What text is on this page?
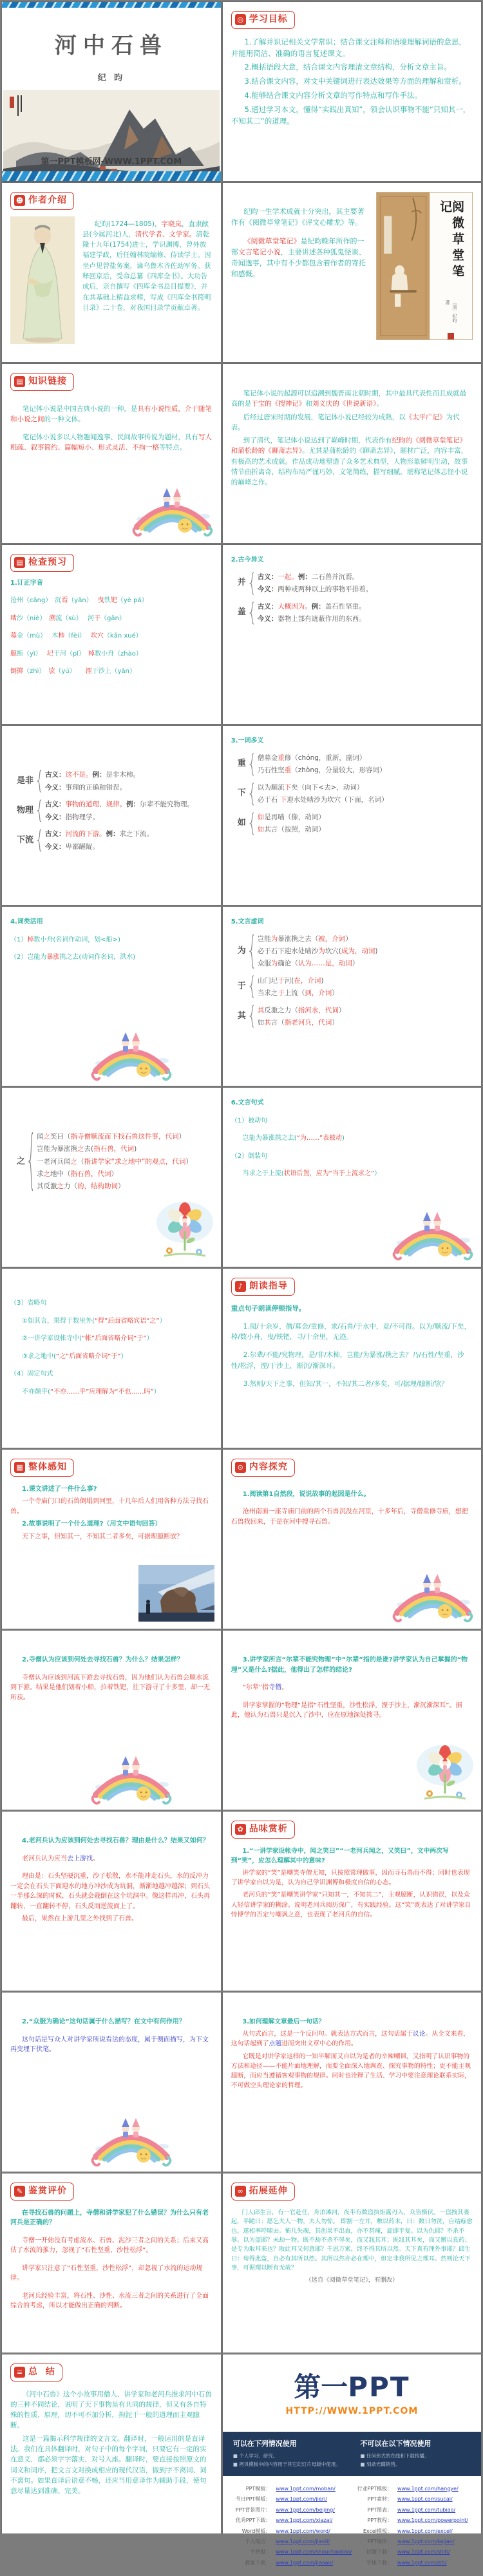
河中石兽
纪 昀
第一PPT模板网-WWW.1PPT.COM
◎ 学习目标
1.了解并识记相关文学常识；结合课文注释和语境理解词语的意思，并能用简洁、准确的语言复述课文。
2.概括语段大意，结合课文内容理清文章结构，分析文章主旨。
3.结合课文内容，对文中关键词进行表达效果等方面的理解和赏析。
4.能够结合课文内容分析文章的写作特点和写作手法。
5.通过学习本文，懂得“实践出真知”，领会认识事物不能“只知其一，不知其二”的道理。
☻ 作者介绍
纪昀(1724—1805)，字晓岚，直隶献县(今属河北)人，清代学者、文学家。清乾隆十九年(1754)进士，学识渊博，曾外放福建学政，后任翰林院编修、侍读学士。因坐卢见曾盐务案，谪乌鲁木齐佐助军务。获释回京后，受命总纂《四库全书》。大功告成后，亲自撰写《四库全书总目提要》，并在其基础上精益求精，写成《四库全书简明目录》二十卷，对我国目录学贡献卓著。
纪昀一生学术成就十分突出，其主要著作有《阅微草堂笔记》《评文心雕龙》等。
《阅微草堂笔记》是纪昀晚年所作的一部文言笔记小说，主要讲述各种狐鬼怪谈、奇闻逸事，其中有不少都包含着作者的寄托和感慨。	阅微草堂笔记
〔清〕纪昀 著
▤ 知识链接
笔记体小说是中国古典小说的一种，是具有小说性质，介于随笔和小说之间的一种文体。
笔记体小说多以人物趣闻逸事、民间故事传说为题材，具有写人粗疏、叙事简约、篇幅短小、形式灵活、不拘一格等特点。
笔记体小说的起源可以追溯到魏晋南北朝时期，其中最具代表性而且成就最高的是干宝的《搜神记》和刘义庆的《世说新语》。
后经过唐宋时期的发展，笔记体小说已经较为成熟，以《太平广记》为代表。
到了清代，笔记体小说达到了巅峰时期，代表作有纪昀的《阅微草堂笔记》和蒲松龄的《聊斋志异》。尤其是蒲松龄的《聊斋志异》，题材广泛，内容丰富，有极高的艺术成就。作品成功地塑造了众多艺术典型，人物形象鲜明生动，故事情节曲折离奇，结构布局严谨巧妙，文笔简练，描写细腻，堪称笔记体志怪小说的巅峰之作。
▤ 检查预习
1.订正字音
沧州（cāng）　沉焉（yān）　 曳铁钯（yè pá）
啮沙（niè）　溯流（sù）　 河干（gān）
募金（mù）　 木柿（fèi）　 坎穴（kǎn xué）
臆断（yì）　 圮于河（pǐ）　棹数小舟（zhào）
倒掷（zhì）　欤（yú）　　湮于沙上（yān）
2.古今异义
并
古义：一起。例：二石兽并沉焉。
今义：两种或两种以上的事物平排着。
盖
古义：大概因为。例：盖石性坚重。
今义：器物上部有遮蔽作用的东西。
是非
古义：这不是。例：是非木柿。
今义：事理的正确和错误。
物理
古义：事物的道理、规律。例：尔辈不能究物理。
今义：指物理学。
下流
古义：河流的下游。例：求之下流。
今义：卑鄙龌龊。
3.一词多义
重
僧募金重修（chóng，重新，副词）
乃石性坚重（zhòng，分量较大，形容词）
下
以为顺流下矣（向下<去>，动词）
必于石 下迎水处啮沙为坎穴（下面，名词）
如
如是再啮（像，动词）
如其言（按照，动词）
4.词类活用
（1）棹数小舟(名词作动词，划<船>)
（2）岂能为暴涨携之去(动词作名词，洪水)
5.文言虚词
为
岂能为暴涨携之去（被，介词）
必于石下迎水处啮沙为坎穴(成为，动词)
众服为确论（认为……是，动词）
于
山门圮于河(在，介词)
当求之于上流（到，介词）
其
其反激之力（指河水，代词）
如其言（指老河兵，代词）
之
闻之笑曰（指寺僧顺流而下找石兽这件事，代词）
岂能为暴涨携之去(指石兽，代词)
一老河兵闻之（指讲学家“求之地中”的观点，代词）
求之地中（指石兽，代词）
其反激之力（的，结构助词）
6.文言句式
（1）被动句
岂能为暴涨携之去(“为……”表被动)
（2）倒装句
当求之于上流(状语后置，应为“当于上流求之”）
（3）省略句
①如其言，果得于数里外(“得”后面省略宾语“之”）
②一讲学家设帐寺中(“帐”后面省略介词“于”）
③求之地中(“之”后面省略介词“于”）
（4）固定句式
不亦颠乎(“不亦……乎”应理解为“不也……吗”）
♪ 朗读指导
重点句子朗读停顿指导。
1.阅/十余岁，僧/募金/重修，求/石兽/于水中，竟/不可得。以为/顺流/下矣，棹/数小舟，曳/铁钯，寻/十余里，无迹。
2.尔辈/不能/究物理，是/非/木柿，岂能/为暴涨/携之去？乃/石性/坚重，沙性/松浮，湮/于沙上，渐沉/渐深耳。
3.然则/天下之事，但知/其一，不知/其二者/多矣，可/据理/臆断/欤？
▦ 整体感知
1.课文讲述了一件什么事?
一个寺庙门口的石兽倒塌到河里，十几年后人们用各种方法寻找石兽。
2.故事说明了一个什么道理?（用文中语句回答）
天下之事，但知其一，不知其二者多矣，可据理臆断欤？
⊙ 内容探究
1.阅读第1自然段，说说故事的起因是什么。
沧州南面一座寺庙门前的两个石兽沉没在河里，十多年后，寺僧重修寺庙，想把石兽找回来，于是在河中搜寻石兽。
2.寺僧认为应该到何处去寻找石兽？为什么？结果怎样？
寺僧认为应该到河流下游去寻找石兽，因为他们认为石兽会顺水流到下游。结果是他们划着小船，拉着铁钯，往下游寻了十多里，却一无所获。
3.讲学家所言“尔辈不能究物理”中“尔辈”指的是谁?讲学家认为自己掌握的“物理”又是什么?据此，他得出了怎样的结论?
“尔辈”指寺僧。
讲学家掌握的“物理”是指“石性坚重，沙性松浮，湮于沙上，渐沉渐深耳”。据此，他认为石兽只是沉入了沙中，应在原地深处搜寻。
4.老河兵认为应该到何处去寻找石兽？理由是什么？结果又如何？
老河兵认为应当去上游找。
理由是：石头坚硬沉重，沙子松散，水不能冲走石头，水的反冲力一定会在石头下面迎水的地方冲沙成为坑洞，渐渐地越冲越深；到石头一半那么深的时候，石头就会栽倒在这个坑洞中。像这样再冲，石头再翻转，一直翻转不停，石头反而逆流而上了。
最后，果然在上游几里之外找到了石兽。
✿ 品味赏析
1.“一讲学家设帐寺中，闻之笑曰”“一老河兵闻之，又笑曰”，文中两次写到“笑”，应怎么理解其中的意味?
讲学家的“笑”是嘲笑寺僧无知，只按照常理做事，因而寻石兽而不得；同时也表现了讲学家自以为是，认为自己学识渊博和极度自信的心态。
老河兵的“笑”是嘲笑讲学家“只知其一，不知其二”，主观臆断，认识错误，以及众人轻信讲学家的糊涂。说明老河兵阅历深广，有实践经验。这“笑”既表达了对讲学家自恃博学的否定与嘲讽之意，也表现了老河兵的自信。
2.“众服为确论”这句话属于什么描写？在文中有何作用？
这句话是写众人对讲学家所说看法的态度，属于侧面描写，为下文再变埋下伏笔。
3.如何理解文章最后一句话？
从句式而言，这是一个反问句。就表达方式而言，这句话属于议论。从全文来看，这句话起到了点题进而突出文章中心的作用。
它既是对讲学家这样的一知半解而又自以为是者的辛辣嘲讽，又指明了认识事物的方法和途径——不能片面地理解，而要全面深入地调查、探究事物的特性；更不能主观臆断，而应当遵循客观事物的规律。同时也诠释了生活、学习中要注意理论联系实际，不可做空头理论家的哲理。
✎ 鉴赏评价
在寻找石兽的问题上，寺僧和讲学家犯了什么错误？为什么只有老河兵是正确的？
寺僧一开始没有考虑流水、石兽、泥沙三者之间的关系；后来又高估了水流的推力，忽视了“石性坚重，沙性松浮”。
讲学家只注意了“石性坚重，沙性松浮”，却忽视了水流的运动规律。
老河兵经验丰富，将石性、沙性、水流三者之间的关系进行了全面综合的考虑，所以才能做出正确的判断。
∞ 拓展延伸
门人邱生言，有一官赴任，舟泊滩河，夜半有数盗执炬露刃入，众皆慑伏。一盗拽其妻起，半跪曰：愿乞夫人一物，夫人勿惊。 即割一左耳，敷以药末，曰：数日勿洗，自结痂愈也。遂相率呼啸去。怖几失魂，其创果不出血，亦不甚痛，旋即平复。以为仇耶？不杀不辱。以为盗耶？未劫一物。既不劫不杀不辱矣，而又戕其耳；既戕其耳矣，而又赠以良药；是专为取耳来也？取此耳又何意耶？千思万索，终不得其所以然。天下真有理外事耶？邱生曰：苟得此盗，自必有其所以然。其所以然亦必在理中，但定非我所见之理耳。然则论天下事，可据理以断有无哉？
（选自《阅微草堂笔记》，有删改）
≡ 总  结
《河中石兽》这个小故事用僧人、讲学家和老河兵推求河中石兽的三种不同结论，说明了天下事物虽有共同的规律，但又有各自特殊的性质、原理，切不可不加分析，拘泥于一般的道理而主观臆断。
这是一篇揭示科学规律的文言文。翻译时，一般运用的是直译法。我们在具体翻译时，对句子中的每个字词，只要它有一定的实在意义，都必须字字落实，对号入座。翻译时，要直接按照原文的词义和词序，把文言文对换成相应的现代汉语，做到字不离词、词不离句。如果直译后语意不畅，还应当用意译作为辅助手段，使句意尽量达到准确、完美。
第一PPT
HTTP://WWW.1PPT.COM
可以在下列情况使用
■ 个人学习、研究。
■ 拷贝模板中的内容用于其它幻灯片母版中使用。
不可以在以下情况使用
■ 任何形式的在线和下载传播。
■ 刻录光碟销售。
PPT模板： www.1ppt.com/moban/	行业PPT模板： www.1ppt.com/hangye/
节日PPT模板： www.1ppt.com/jieri/	PPT素材： www.1ppt.com/sucai/
PPT背景图片： www.1ppt.com/beijing/	PPT图表： www.1ppt.com/tubiao/
优秀PPT下载： www.1ppt.com/xiazai/	PPT教程： www.1ppt.com/powerpoint/
Word模板： www.1ppt.com/word/	Excel模板： www.1ppt.com/excel/
个人简历： www.1ppt.com/jianli/	PPT课件： www.1ppt.com/kejian/
手抄报： www.1ppt.com/shouchaobao/	试题下载： www.1ppt.com/shiti/
教案下载： www.1ppt.com/jiaoan/	字体下载： www.1ppt.com/ziti/
